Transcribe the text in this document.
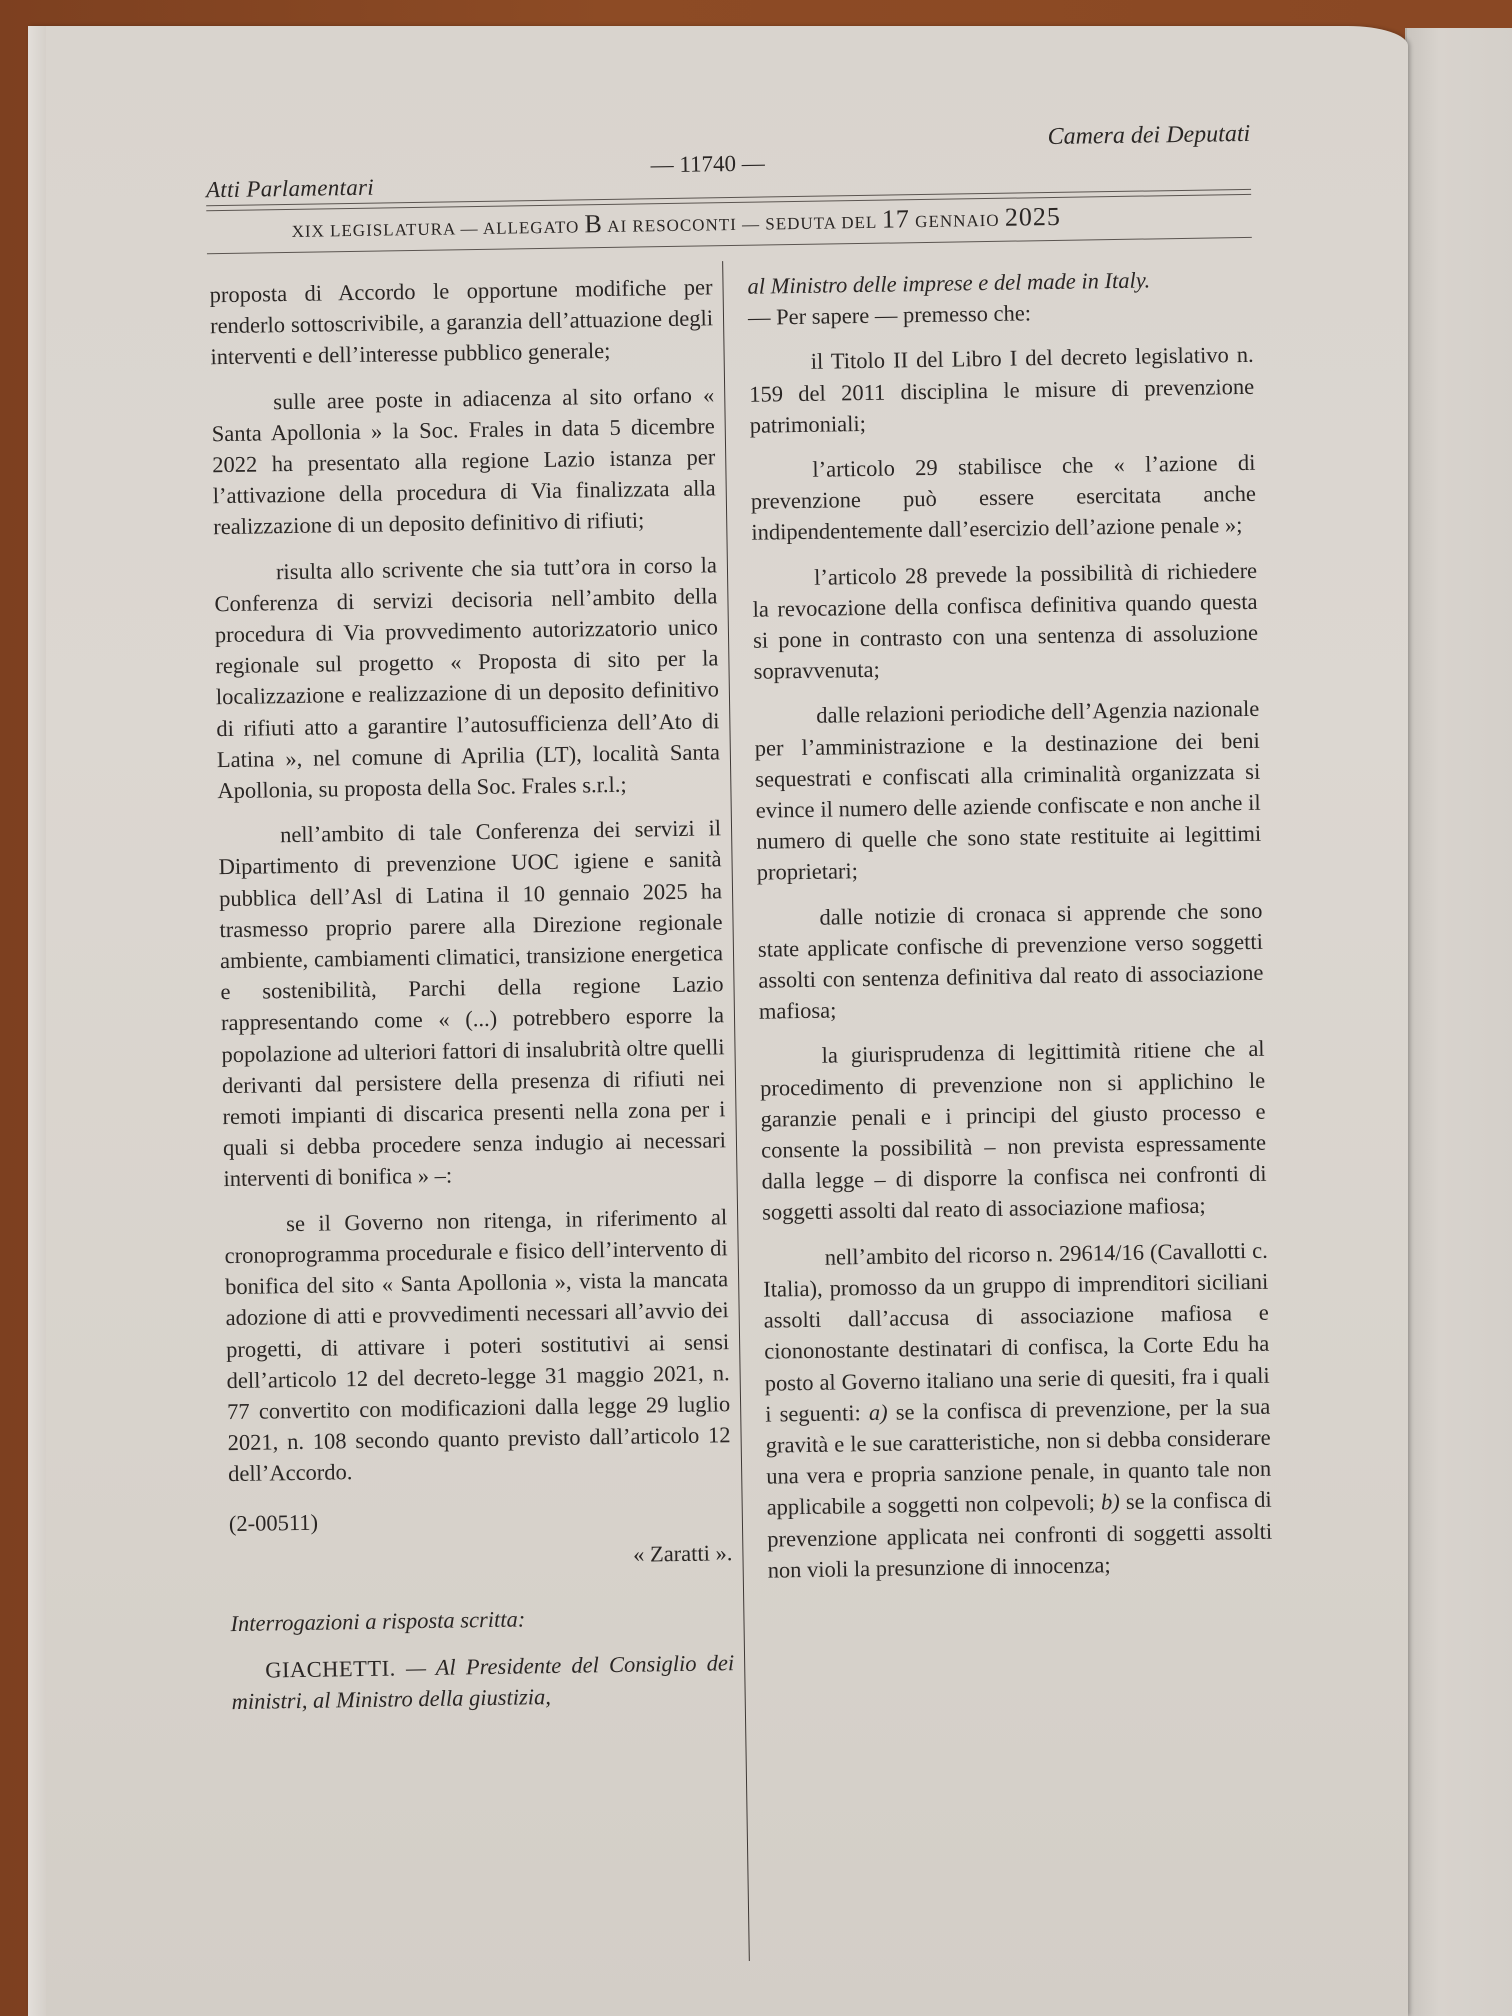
Atti Parlamentari
— 11740 —
Camera dei Deputati
XIX LEGISLATURA — ALLEGATO B AI RESOCONTI — SEDUTA DEL 17 GENNAIO 2025

proposta di Accordo le opportune modifiche per renderlo sottoscrivibile, a garanzia dell’attuazione degli interventi e dell’interesse pubblico generale;

sulle aree poste in adiacenza al sito orfano « Santa Apollonia » la Soc. Frales in data 5 dicembre 2022 ha presentato alla regione Lazio istanza per l’attivazione della procedura di Via finalizzata alla realizzazione di un deposito definitivo di rifiuti;

risulta allo scrivente che sia tutt’ora in corso la Conferenza di servizi decisoria nell’ambito della procedura di Via provvedimento autorizzatorio unico regionale sul progetto « Proposta di sito per la localizzazione e realizzazione di un deposito definitivo di rifiuti atto a garantire l’autosufficienza dell’Ato di Latina », nel comune di Aprilia (LT), località Santa Apollonia, su proposta della Soc. Frales s.r.l.;

nell’ambito di tale Conferenza dei servizi il Dipartimento di prevenzione UOC igiene e sanità pubblica dell’Asl di Latina il 10 gennaio 2025 ha trasmesso proprio parere alla Direzione regionale ambiente, cambiamenti climatici, transizione energetica e sostenibilità, Parchi della regione Lazio rappresentando come « (...) potrebbero esporre la popolazione ad ulteriori fattori di insalubrità oltre quelli derivanti dal persistere della presenza di rifiuti nei remoti impianti di discarica presenti nella zona per i quali si debba procedere senza indugio ai necessari interventi di bonifica » –:

se il Governo non ritenga, in riferimento al cronoprogramma procedurale e fisico dell’intervento di bonifica del sito « Santa Apollonia », vista la mancata adozione di atti e provvedimenti necessari all’avvio dei progetti, di attivare i poteri sostitutivi ai sensi dell’articolo 12 del decreto-legge 31 maggio 2021, n. 77 convertito con modificazioni dalla legge 29 luglio 2021, n. 108 secondo quanto previsto dall’articolo 12 dell’Accordo.

(2-00511)

« Zaratti ».

Interrogazioni a risposta scritta:

GIACHETTI. — Al Presidente del Consiglio dei ministri, al Ministro della giustizia,

al Ministro delle imprese e del made in Italy.
— Per sapere — premesso che:

il Titolo II del Libro I del decreto legislativo n. 159 del 2011 disciplina le misure di prevenzione patrimoniali;

l’articolo 29 stabilisce che « l’azione di prevenzione può essere esercitata anche indipendentemente dall’esercizio dell’azione penale »;

l’articolo 28 prevede la possibilità di richiedere la revocazione della confisca definitiva quando questa si pone in contrasto con una sentenza di assoluzione sopravvenuta;

dalle relazioni periodiche dell’Agenzia nazionale per l’amministrazione e la destinazione dei beni sequestrati e confiscati alla criminalità organizzata si evince il numero delle aziende confiscate e non anche il numero di quelle che sono state restituite ai legittimi proprietari;

dalle notizie di cronaca si apprende che sono state applicate confische di prevenzione verso soggetti assolti con sentenza definitiva dal reato di associazione mafiosa;

la giurisprudenza di legittimità ritiene che al procedimento di prevenzione non si applichino le garanzie penali e i principi del giusto processo e consente la possibilità – non prevista espressamente dalla legge – di disporre la confisca nei confronti di soggetti assolti dal reato di associazione mafiosa;

nell’ambito del ricorso n. 29614/16 (Cavallotti c. Italia), promosso da un gruppo di imprenditori siciliani assolti dall’accusa di associazione mafiosa e ciononostante destinatari di confisca, la Corte Edu ha posto al Governo italiano una serie di quesiti, fra i quali i seguenti: a) se la confisca di prevenzione, per la sua gravità e le sue caratteristiche, non si debba considerare una vera e propria sanzione penale, in quanto tale non applicabile a soggetti non colpevoli; b) se la confisca di prevenzione applicata nei confronti di soggetti assolti non violi la presunzione di innocenza;
